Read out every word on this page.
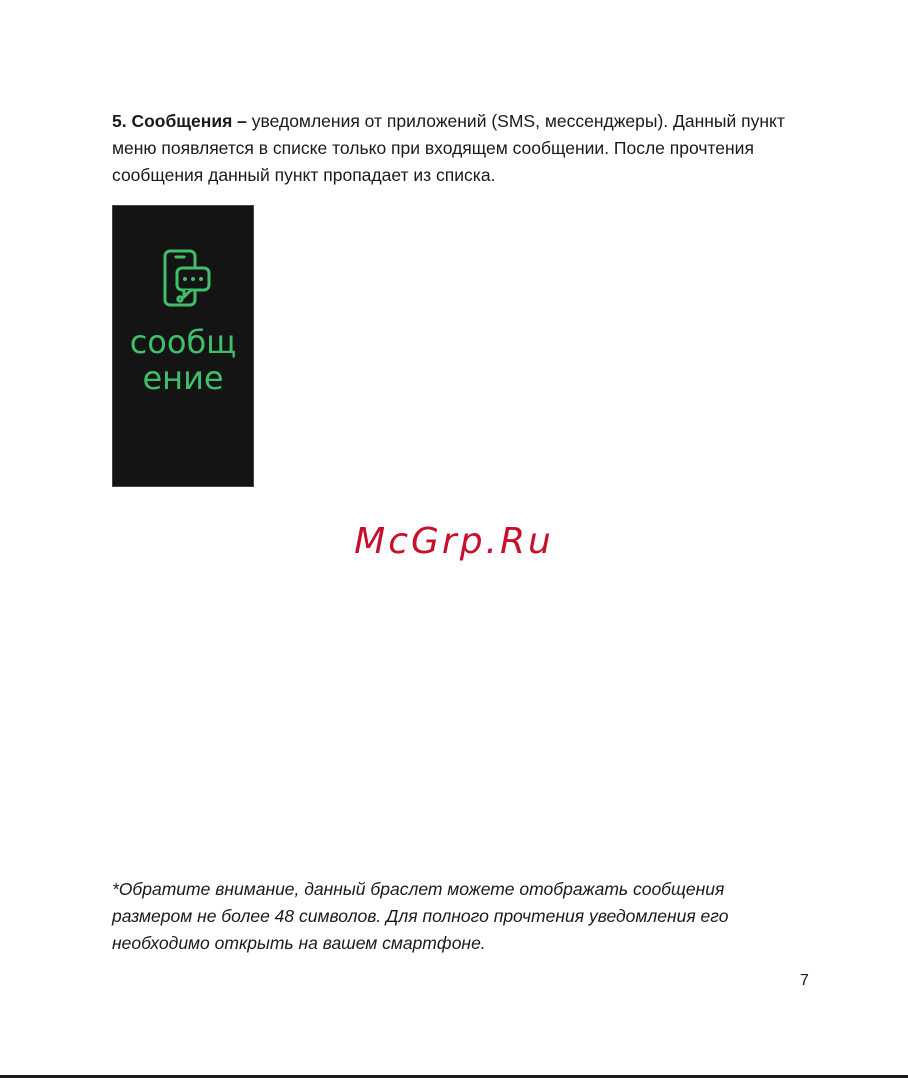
5. Сообщения – уведомления от приложений (SMS, мессенджеры). Данный пункт меню появляется в списке только при входящем сообщении. После прочтения сообщения данный пункт пропадает из списка.

сообщ
ение
McGrp.Ru

*Обратите внимание, данный браслет можете отображать сообщения размером не более 48 символов. Для полного прочтения уведомления его необходимо открыть на вашем смартфоне.

7
